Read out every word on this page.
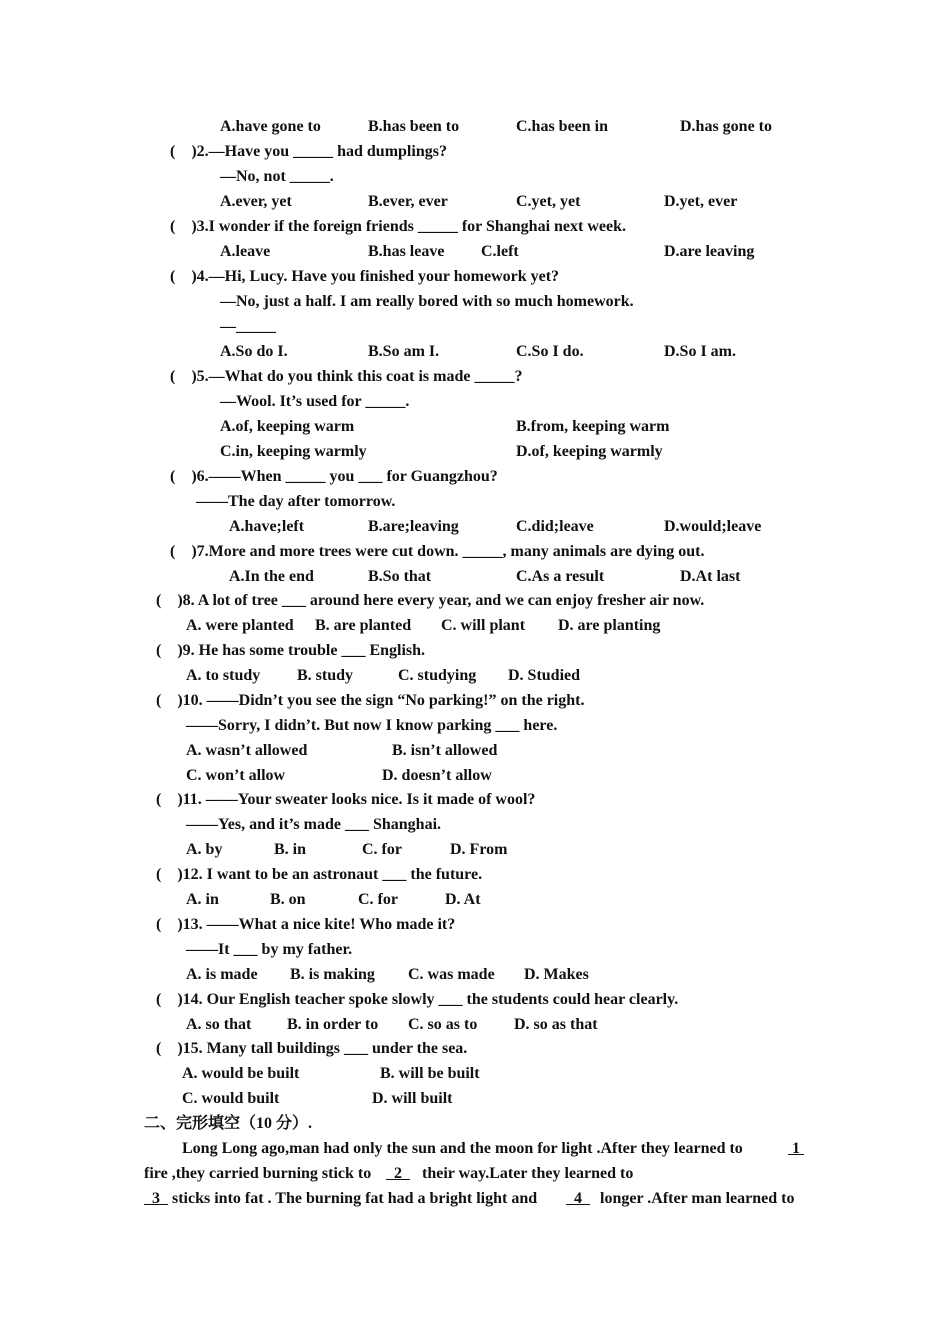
A.have gone to	B.has been to	C.has been in	D.has gone to
(    )2.—Have you _____ had dumplings?
—No, not _____.
A.ever, yet	B.ever, ever	C.yet, yet	D.yet, ever
(    )3.I wonder if the foreign friends _____ for Shanghai next week.
A.leave	B.has leave C.left	D.are leaving
(    )4.—Hi, Lucy. Have you finished your homework yet?
—No, just a half. I am really bored with so much homework.
—_____
A.So do I.	B.So am I.	C.So I do.	D.So I am.
(    )5.—What do you think this coat is made _____?
—Wool. It’s used for _____.
A.of, keeping warm	B.from, keeping warm
C.in, keeping warmly	D.of, keeping warmly
(    )6.——When _____ you ___ for Guangzhou?
——The day after tomorrow.
A.have;left	B.are;leaving	C.did;leave	D.would;leave
(    )7.More and more trees were cut down. _____, many animals are dying out.
A.In the end	B.So that	C.As a result	D.At last
(    )8. A lot of tree ___ around here every year, and we can enjoy fresher air now.
A. were planted B. are planted C. will plant D. are planting
(    )9. He has some trouble ___ English.
A. to study B. study	C. studying D. Studied
(    )10. ——Didn’t you see the sign “No parking!” on the right.
——Sorry, I didn’t. But now I know parking ___ here.
A. wasn’t allowed	B. isn’t allowed
C. won’t allow	D. doesn’t allow
(    )11. ——Your sweater looks nice. Is it made of wool?
——Yes, and it’s made ___ Shanghai.
A. by	B. in	C. for	D. From
(    )12. I want to be an astronaut ___ the future.
A. in	B. on	C. for	D. At
(    )13. ——What a nice kite! Who made it?
——It ___ by my father.
A. is made B. is making C. was made D. Makes
(    )14. Our English teacher spoke slowly ___ the students could hear clearly.
A. so that B. in order to C. so as to D. so as that
(    )15. Many tall buildings ___ under the sea.
A. would be built	B. will be built
C. would built	D. will built
二、完形填空（10 分）.
Long Long ago,man had only the sun and the moon for light .After they learned to	1
fire ,they carried burning stick to 2 their way.Later they learned to
3 sticks into fat . The burning fat had a bright light and 4 longer .After man learned to
